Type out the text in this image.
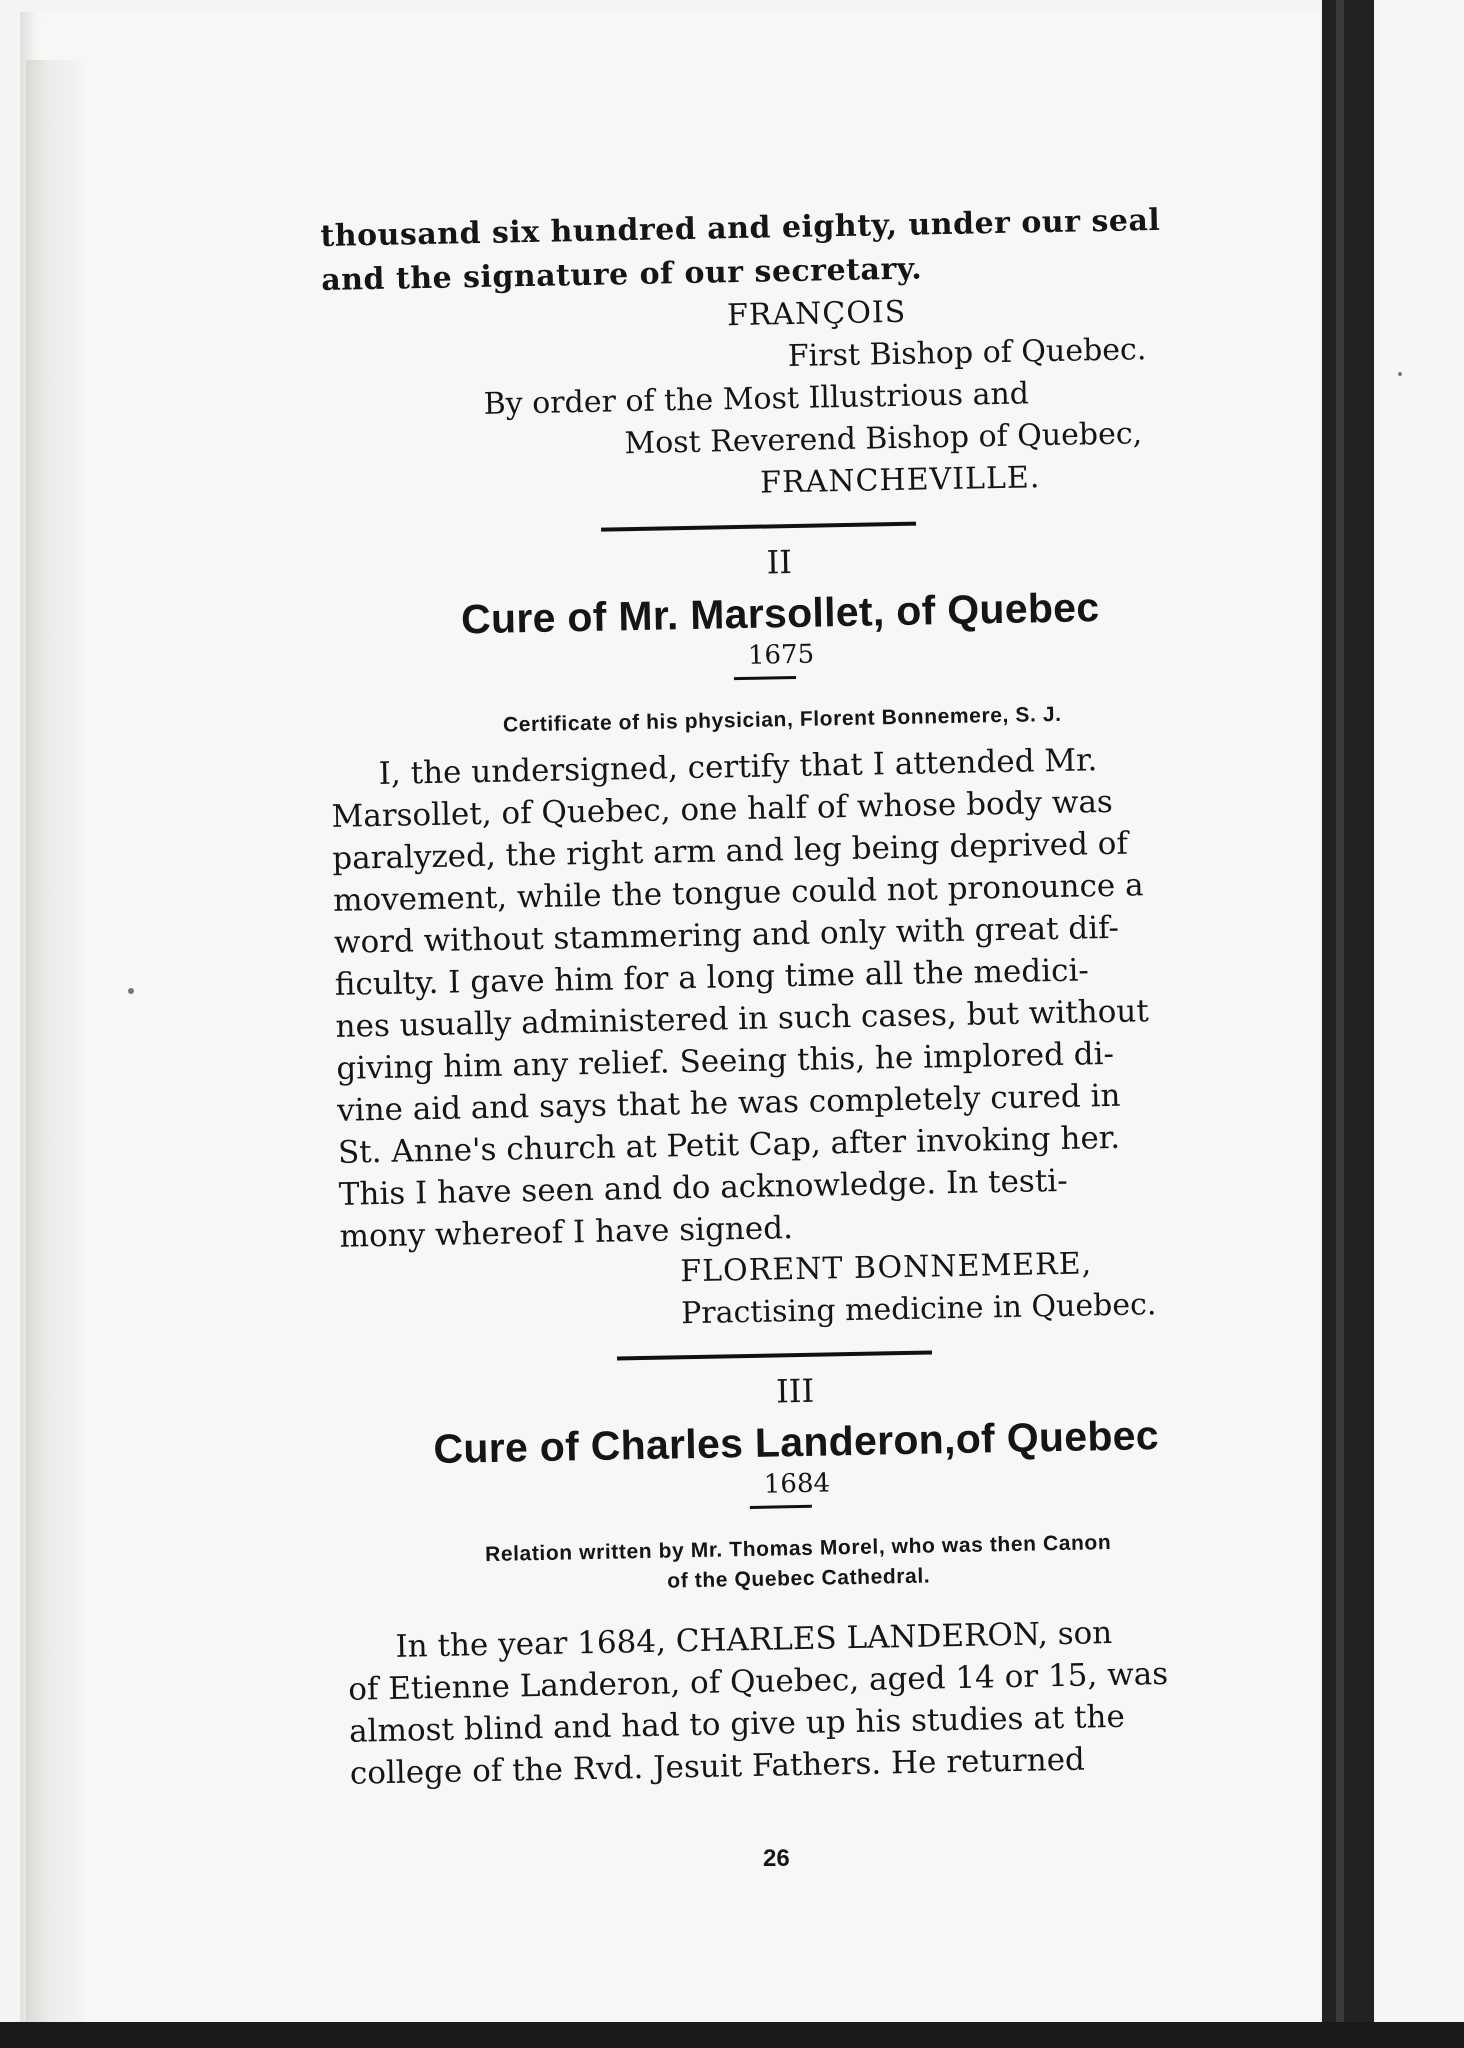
thousand six hundred and eighty, under our seal
and the signature of our secretary.
FRANÇOIS
First Bishop of Quebec.
By order of the Most Illustrious and
Most Reverend Bishop of Quebec,
FRANCHEVILLE.
II
Cure of Mr. Marsollet, of Quebec
1675
Certificate of his physician, Florent Bonnemere, S. J.
I, the undersigned, certify that I attended Mr.
Marsollet, of Quebec, one half of whose body was
paralyzed, the right arm and leg being deprived of
movement, while the tongue could not pronounce a
word without stammering and only with great dif-
ficulty. I gave him for a long time all the medici-
nes usually administered in such cases, but without
giving him any relief. Seeing this, he implored di-
vine aid and says that he was completely cured in
St. Anne's church at Petit Cap, after invoking her.
This I have seen and do acknowledge. In testi-
mony whereof I have signed.
FLORENT BONNEMERE,
Practising medicine in Quebec.
III
Cure of Charles Landeron,of Quebec
1684
Relation written by Mr. Thomas Morel, who was then Canon
of the Quebec Cathedral.
In the year 1684, CHARLES LANDERON, son
of Etienne Landeron, of Quebec, aged 14 or 15, was
almost blind and had to give up his studies at the
college of the Rvd. Jesuit Fathers. He returned
26
